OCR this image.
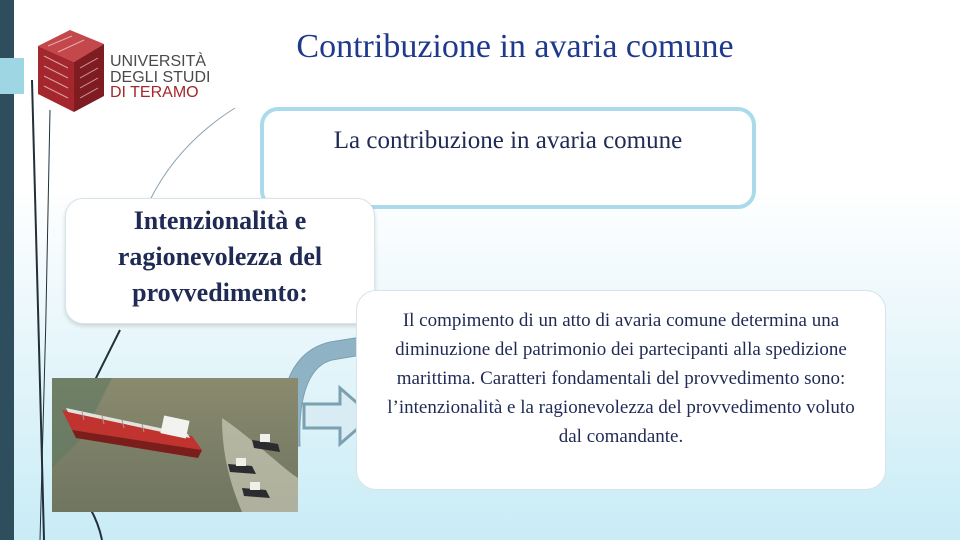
UNIVERSITÀ
DEGLI STUDI
DI TERAMO
Contribuzione in avaria comune
La contribuzione in avaria comune
Intenzionalità e ragionevolezza del provvedimento:
Il compimento di un atto di avaria comune determina una diminuzione del patrimonio dei partecipanti alla spedizione marittima. Caratteri fondamentali del provvedimento sono: l’intenzionalità e la ragionevolezza del provvedimento voluto dal comandante.
